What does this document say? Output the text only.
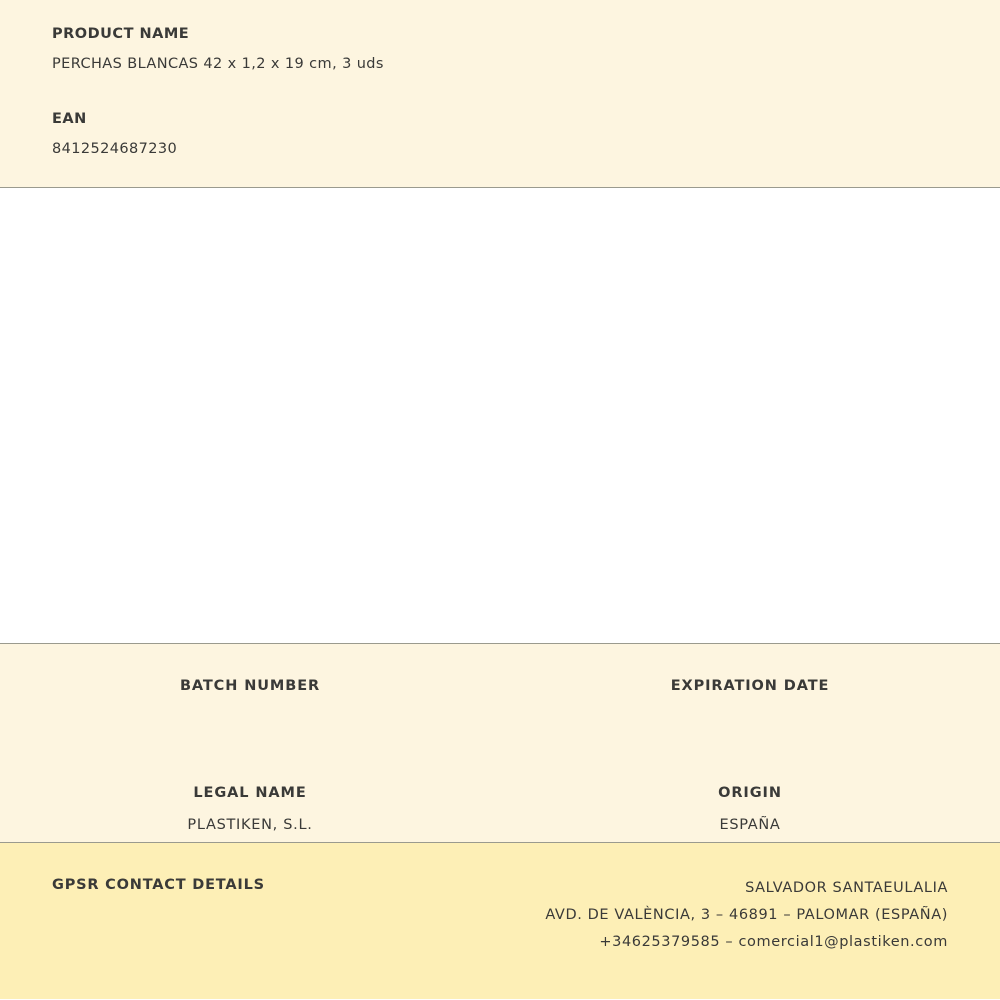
PRODUCT NAME
PERCHAS BLANCAS 42 x 1,2 x 19 cm, 3 uds
EAN
8412524687230
BATCH NUMBER	EXPIRATION DATE
LEGAL NAME
PLASTIKEN, S.L.
ORIGIN
ESPAÑA
GPSR CONTACT DETAILS	SALVADOR SANTAEULALIA
AVD. DE VALÈNCIA, 3 – 46891 – PALOMAR (ESPAÑA)
+34625379585 – comercial1@plastiken.com
